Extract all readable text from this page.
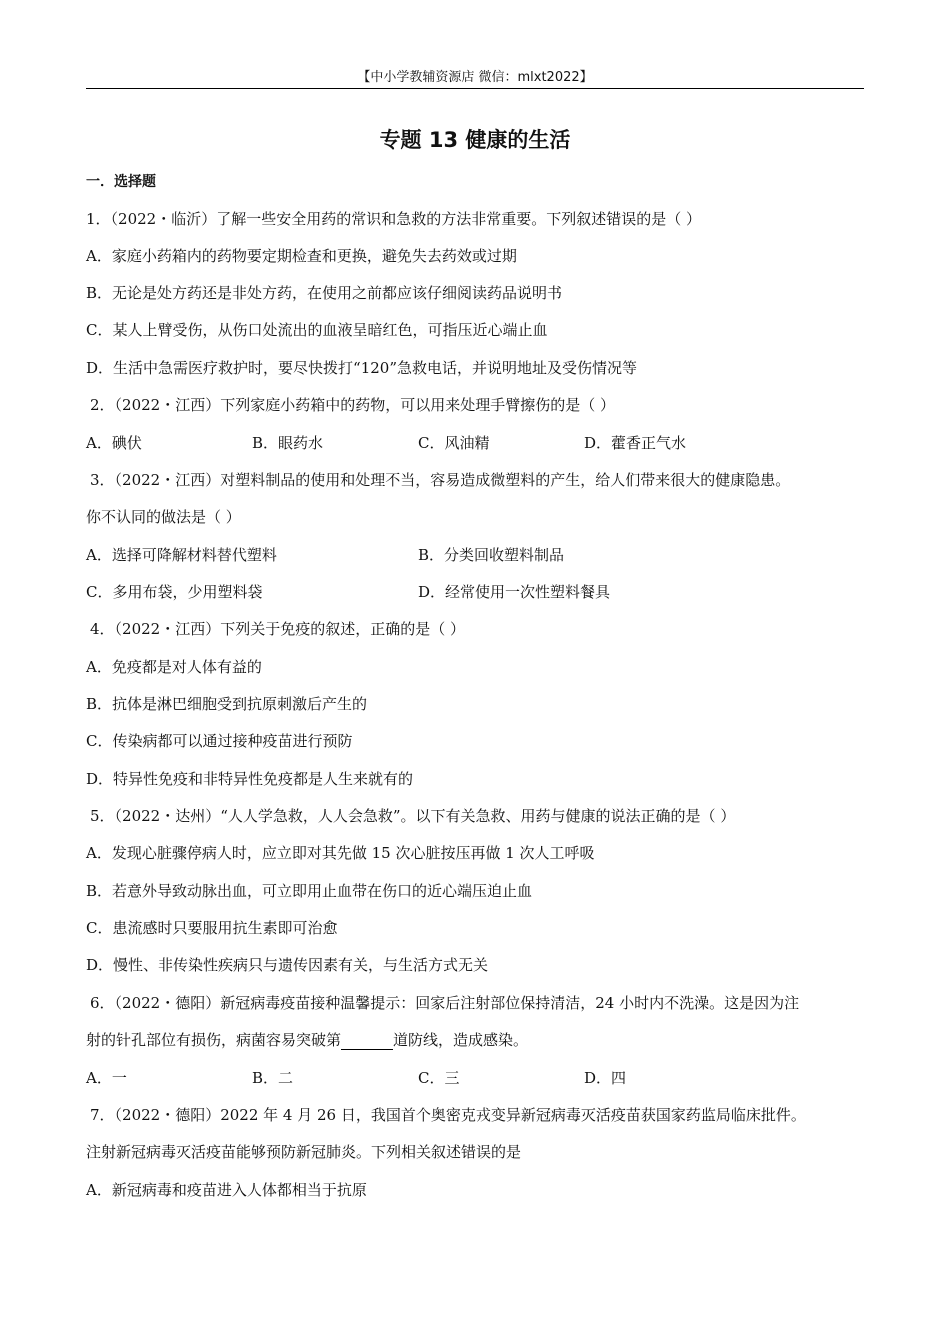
【中小学教辅资源店 微信：mlxt2022】
专题 13 健康的生活
一．选择题
1．（2022・临沂）了解一些安全用药的常识和急救的方法非常重要。下列叙述错误的是（ ）
A．家庭小药箱内的药物要定期检查和更换，避免失去药效或过期
B．无论是处方药还是非处方药，在使用之前都应该仔细阅读药品说明书
C．某人上臂受伤，从伤口处流出的血液呈暗红色，可指压近心端止血
D．生活中急需医疗救护时，要尽快拨打“120”急救电话，并说明地址及受伤情况等
2．（2022・江西）下列家庭小药箱中的药物，可以用来处理手臂擦伤的是（ ）
A．碘伏	B．眼药水	C．风油精	D．藿香正气水
3．（2022・江西）对塑料制品的使用和处理不当，容易造成微塑料的产生，给人们带来很大的健康隐患。
你不认同的做法是（ ）
A．选择可降解材料替代塑料	B．分类回收塑料制品
C．多用布袋，少用塑料袋	D．经常使用一次性塑料餐具
4．（2022・江西）下列关于免疫的叙述，正确的是（ ）
A．免疫都是对人体有益的
B．抗体是淋巴细胞受到抗原刺激后产生的
C．传染病都可以通过接种疫苗进行预防
D．特异性免疫和非特异性免疫都是人生来就有的
5．（2022・达州）“人人学急救，人人会急救”。以下有关急救、用药与健康的说法正确的是（ ）
A．发现心脏骤停病人时，应立即对其先做 15 次心脏按压再做 1 次人工呼吸
B．若意外导致动脉出血，可立即用止血带在伤口的近心端压迫止血
C．患流感时只要服用抗生素即可治愈
D．慢性、非传染性疾病只与遗传因素有关，与生活方式无关
6．（2022・德阳）新冠病毒疫苗接种温馨提示：回家后注射部位保持清洁，24 小时内不洗澡。这是因为注
射的针孔部位有损伤，病菌容易突破第	道防线，造成感染。
A．一	B．二	C．三	D．四
7．（2022・德阳）2022 年 4 月 26 日，我国首个奥密克戎变异新冠病毒灭活疫苗获国家药监局临床批件。
注射新冠病毒灭活疫苗能够预防新冠肺炎。下列相关叙述错误的是
A．新冠病毒和疫苗进入人体都相当于抗原
